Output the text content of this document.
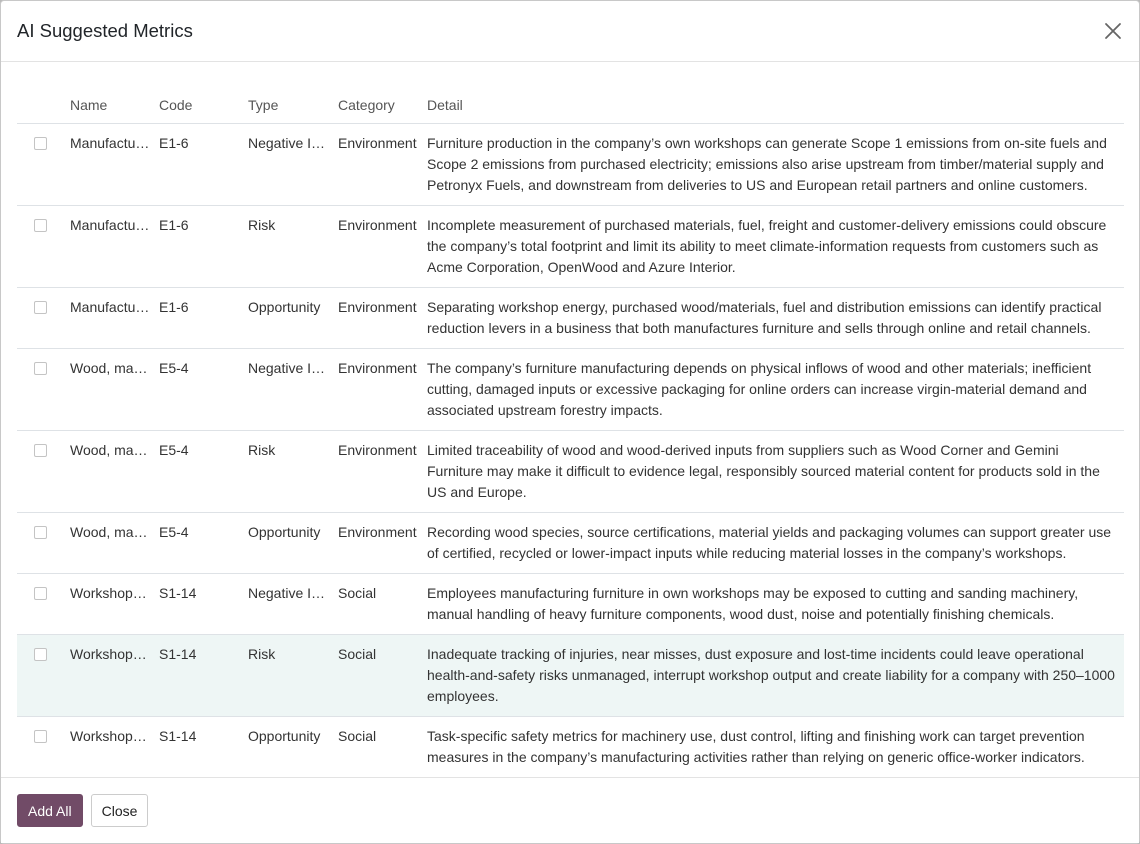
AI Suggested Metrics
	Name	Code	Type	Category	Detail
	Manufactu…	E1-6	Negative I…	Environment	Furniture production in the company’s own workshops can generate Scope 1 emissions from on-site fuels and Scope 2 emissions from purchased electricity; emissions also arise upstream from timber/material supply and Petronyx Fuels, and downstream from deliveries to US and European retail partners and online customers.
	Manufactu…	E1-6	Risk	Environment	Incomplete measurement of purchased materials, fuel, freight and customer-delivery emissions could obscure the company’s total footprint and limit its ability to meet climate-information requests from customers such as Acme Corporation, OpenWood and Azure Interior.
	Manufactu…	E1-6	Opportunity	Environment	Separating workshop energy, purchased wood/materials, fuel and distribution emissions can identify practical reduction levers in a business that both manufactures furniture and sells through online and retail channels.
	Wood, ma…	E5-4	Negative I…	Environment	The company’s furniture manufacturing depends on physical inflows of wood and other materials; inefficient cutting, damaged inputs or excessive packaging for online orders can increase virgin-material demand and associated upstream forestry impacts.
	Wood, ma…	E5-4	Risk	Environment	Limited traceability of wood and wood-derived inputs from suppliers such as Wood Corner and Gemini Furniture may make it difficult to evidence legal, responsibly sourced material content for products sold in the US and Europe.
	Wood, ma…	E5-4	Opportunity	Environment	Recording wood species, source certifications, material yields and packaging volumes can support greater use of certified, recycled or lower-impact inputs while reducing material losses in the company’s workshops.
	Workshop…	S1-14	Negative I…	Social	Employees manufacturing furniture in own workshops may be exposed to cutting and sanding machinery, manual handling of heavy furniture components, wood dust, noise and potentially finishing chemicals.
	Workshop…	S1-14	Risk	Social	Inadequate tracking of injuries, near misses, dust exposure and lost-time incidents could leave operational health-and-safety risks unmanaged, interrupt workshop output and create liability for a company with 250–1000 employees.
	Workshop…	S1-14	Opportunity	Social	Task-specific safety metrics for machinery use, dust control, lifting and finishing work can target prevention measures in the company’s manufacturing activities rather than relying on generic office-worker indicators.

Add All	Close
